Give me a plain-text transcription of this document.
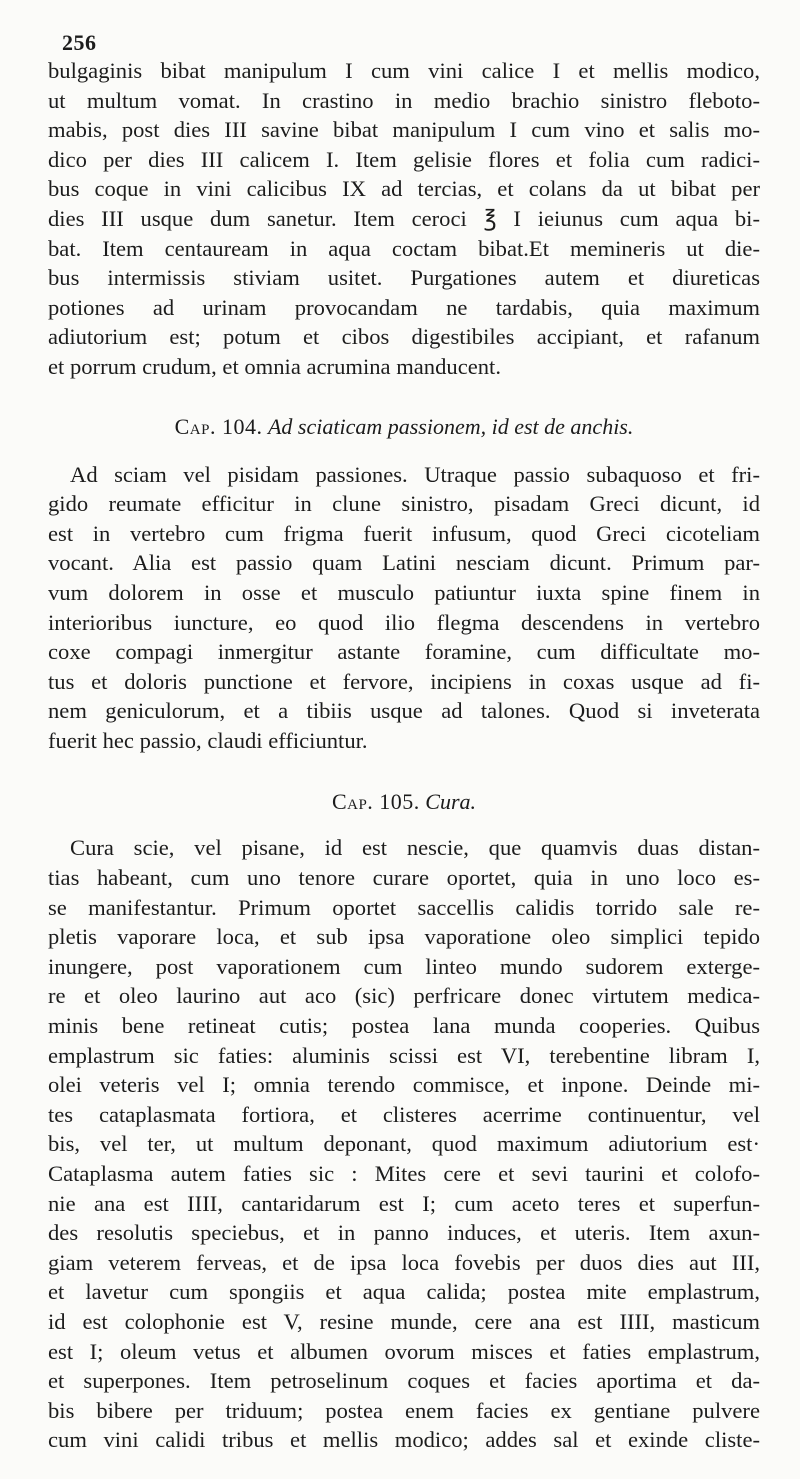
256

bulgaginis bibat manipulum I cum vini calice I et mellis modico,

ut multum vomat. In crastino in medio brachio sinistro fleboto-

mabis, post dies III savine bibat manipulum I cum vino et salis mo-

dico per dies III calicem I. Item gelisie flores et folia cum radici-

bus coque in vini calicibus IX ad tercias, et colans da ut bibat per

dies III usque dum sanetur. Item ceroci ℥ I ieiunus cum aqua bi-

bat. Item centauream in aqua coctam bibat.Et memineris ut die-

bus intermissis stiviam usitet. Purgationes autem et diureticas

potiones ad urinam provocandam ne tardabis, quia maximum

adiutorium est; potum et cibos digestibiles accipiant, et rafanum

et porrum crudum, et omnia acrumina manducent.

Cap. 104. Ad sciaticam passionem, id est de anchis.

Ad sciam vel pisidam passiones. Utraque passio subaquoso et fri-

gido reumate efficitur in clune sinistro, pisadam Greci dicunt, id

est in vertebro cum frigma fuerit infusum, quod Greci cicoteliam

vocant. Alia est passio quam Latini nesciam dicunt. Primum par-

vum dolorem in osse et musculo patiuntur iuxta spine finem in

interioribus iuncture, eo quod ilio flegma descendens in vertebro

coxe compagi inmergitur astante foramine, cum difficultate mo-

tus et doloris punctione et fervore, incipiens in coxas usque ad fi-

nem geniculorum, et a tibiis usque ad talones. Quod si inveterata

fuerit hec passio, claudi efficiuntur.

Cap. 105. Cura.

Cura scie, vel pisane, id est nescie, que quamvis duas distan-

tias habeant, cum uno tenore curare oportet, quia in uno loco es-

se manifestantur. Primum oportet saccellis calidis torrido sale re-

pletis vaporare loca, et sub ipsa vaporatione oleo simplici tepido

inungere, post vaporationem cum linteo mundo sudorem exterge-

re et oleo laurino aut aco (sic) perfricare donec virtutem medica-

minis bene retineat cutis; postea lana munda cooperies. Quibus

emplastrum sic faties: aluminis scissi est VI, terebentine libram I,

olei veteris vel I; omnia terendo commisce, et inpone. Deinde mi-

tes cataplasmata fortiora, et clisteres acerrime continuentur, vel

bis, vel ter, ut multum deponant, quod maximum adiutorium est·

Cataplasma autem faties sic : Mites cere et sevi taurini et colofo-

nie ana est IIII, cantaridarum est I; cum aceto teres et superfun-

des resolutis speciebus, et in panno induces, et uteris. Item axun-

giam veterem ferveas, et de ipsa loca fovebis per duos dies aut III,

et lavetur cum spongiis et aqua calida; postea mite emplastrum,

id est colophonie est V, resine munde, cere ana est IIII, masticum

est I; oleum vetus et albumen ovorum misces et faties emplastrum,

et superpones. Item petroselinum coques et facies aportima et da-

bis bibere per triduum; postea enem facies ex gentiane pulvere

cum vini calidi tribus et mellis modico; addes sal et exinde cliste-
